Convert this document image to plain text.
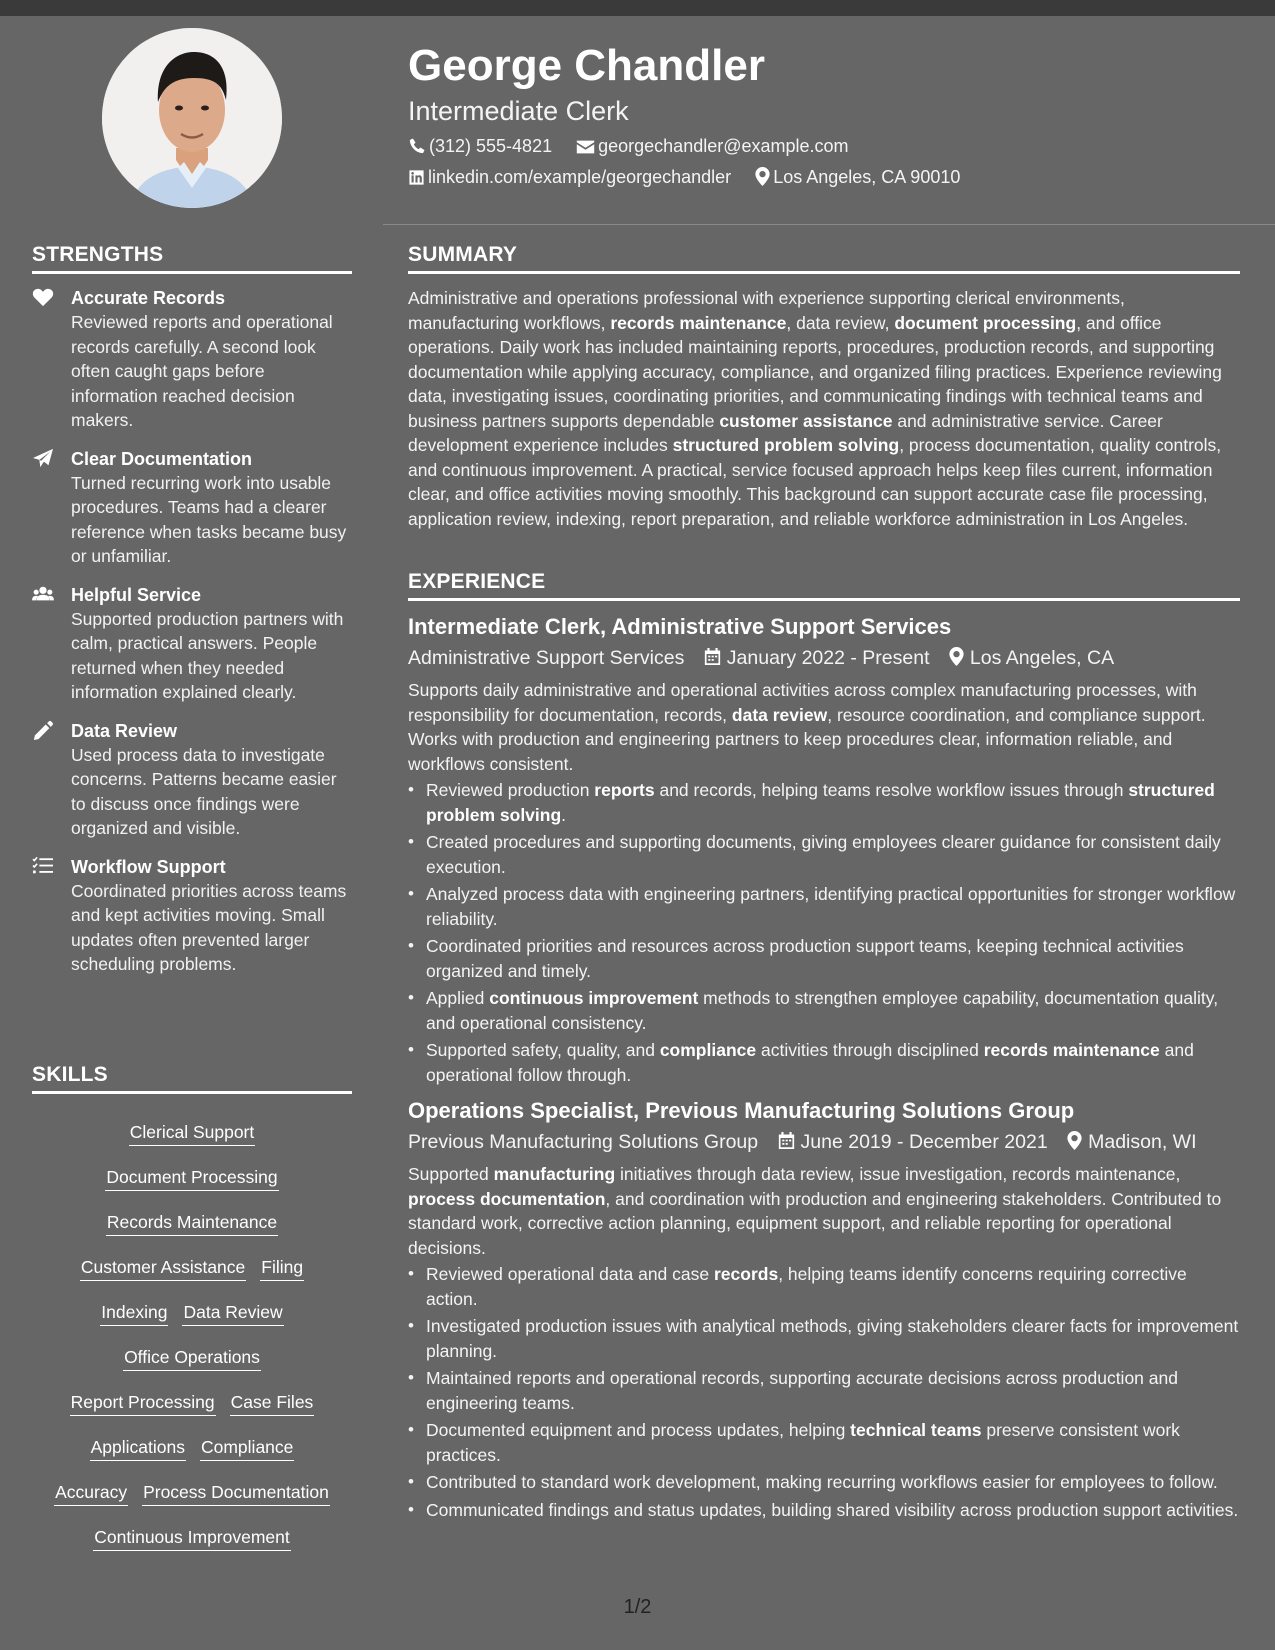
STRENGTHS
Accurate Records
Reviewed reports and operational records carefully. A second look often caught gaps before information reached decision makers.
Clear Documentation
Turned recurring work into usable procedures. Teams had a clearer reference when tasks became busy or unfamiliar.
Helpful Service
Supported production partners with calm, practical answers. People returned when they needed information explained clearly.
Data Review
Used process data to investigate concerns. Patterns became easier to discuss once findings were organized and visible.
Workflow Support
Coordinated priorities across teams and kept activities moving. Small updates often prevented larger scheduling problems.
SKILLS
Clerical Support
Document Processing
Records Maintenance
Customer Assistance Filing
Indexing Data Review
Office Operations
Report Processing Case Files
Applications Compliance
Accuracy Process Documentation
Continuous Improvement
George Chandler
Intermediate Clerk
(312) 555-4821	georgechandler@example.com
linkedin.com/example/georgechandler Los Angeles, CA 90010
SUMMARY

Administrative and operations professional with experience supporting clerical environments, manufacturing workflows, records maintenance, data review, document processing, and office operations. Daily work has included maintaining reports, procedures, production records, and supporting documentation while applying accuracy, compliance, and organized filing practices. Experience reviewing data, investigating issues, coordinating priorities, and communicating findings with technical teams and business partners supports dependable customer assistance and administrative service. Career development experience includes structured problem solving, process documentation, quality controls, and continuous improvement. A practical, service focused approach helps keep files current, information clear, and office activities moving smoothly. This background can support accurate case file processing, application review, indexing, report preparation, and reliable workforce administration in Los Angeles.

EXPERIENCE
Intermediate Clerk, Administrative Support Services
Administrative Support Services January 2022 - Present Los Angeles, CA

Supports daily administrative and operational activities across complex manufacturing processes, with responsibility for documentation, records, data review, resource coordination, and compliance support. Works with production and engineering partners to keep procedures clear, information reliable, and workflows consistent.

• Reviewed production reports and records, helping teams resolve workflow issues through structured problem solving.
• Created procedures and supporting documents, giving employees clearer guidance for consistent daily execution.
• Analyzed process data with engineering partners, identifying practical opportunities for stronger workflow reliability.
• Coordinated priorities and resources across production support teams, keeping technical activities organized and timely.
• Applied continuous improvement methods to strengthen employee capability, documentation quality, and operational consistency.
• Supported safety, quality, and compliance activities through disciplined records maintenance and operational follow through.
Operations Specialist, Previous Manufacturing Solutions Group
Previous Manufacturing Solutions Group June 2019 - December 2021 Madison, WI

Supported manufacturing initiatives through data review, issue investigation, records maintenance, process documentation, and coordination with production and engineering stakeholders. Contributed to standard work, corrective action planning, equipment support, and reliable reporting for operational decisions.

• Reviewed operational data and case records, helping teams identify concerns requiring corrective action.
• Investigated production issues with analytical methods, giving stakeholders clearer facts for improvement planning.
• Maintained reports and operational records, supporting accurate decisions across production and engineering teams.
• Documented equipment and process updates, helping technical teams preserve consistent work practices.
• Contributed to standard work development, making recurring workflows easier for employees to follow.
• Communicated findings and status updates, building shared visibility across production support activities.
1/2
